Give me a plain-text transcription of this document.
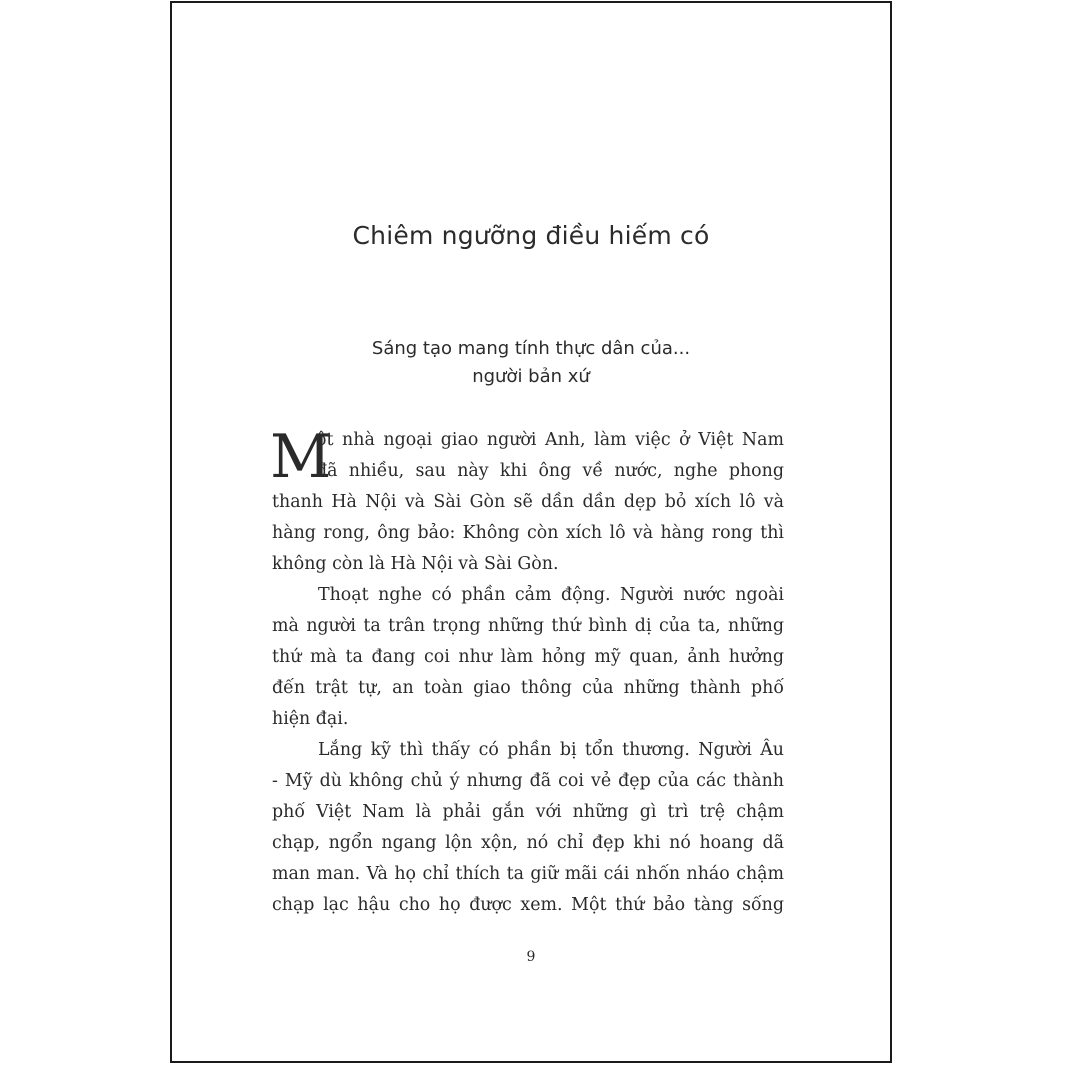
Chiêm ngưỡng điều hiếm có
Sáng tạo mang tính thực dân của...
người bản xứ
M
ột nhà ngoại giao người Anh, làm việc ở Việt Nam
đã nhiều, sau này khi ông về nước, nghe phong
thanh Hà Nội và Sài Gòn sẽ dần dần dẹp bỏ xích lô và
hàng rong, ông bảo: Không còn xích lô và hàng rong thì
không còn là Hà Nội và Sài Gòn.
Thoạt nghe có phần cảm động. Người nước ngoài
mà người ta trân trọng những thứ bình dị của ta, những
thứ mà ta đang coi như làm hỏng mỹ quan, ảnh hưởng
đến trật tự, an toàn giao thông của những thành phố
hiện đại.
Lắng kỹ thì thấy có phần bị tổn thương. Người Âu
- Mỹ dù không chủ ý nhưng đã coi vẻ đẹp của các thành
phố Việt Nam là phải gắn với những gì trì trệ chậm
chạp, ngổn ngang lộn xộn, nó chỉ đẹp khi nó hoang dã
man man. Và họ chỉ thích ta giữ mãi cái nhốn nháo chậm
chạp lạc hậu cho họ được xem. Một thứ bảo tàng sống
9
